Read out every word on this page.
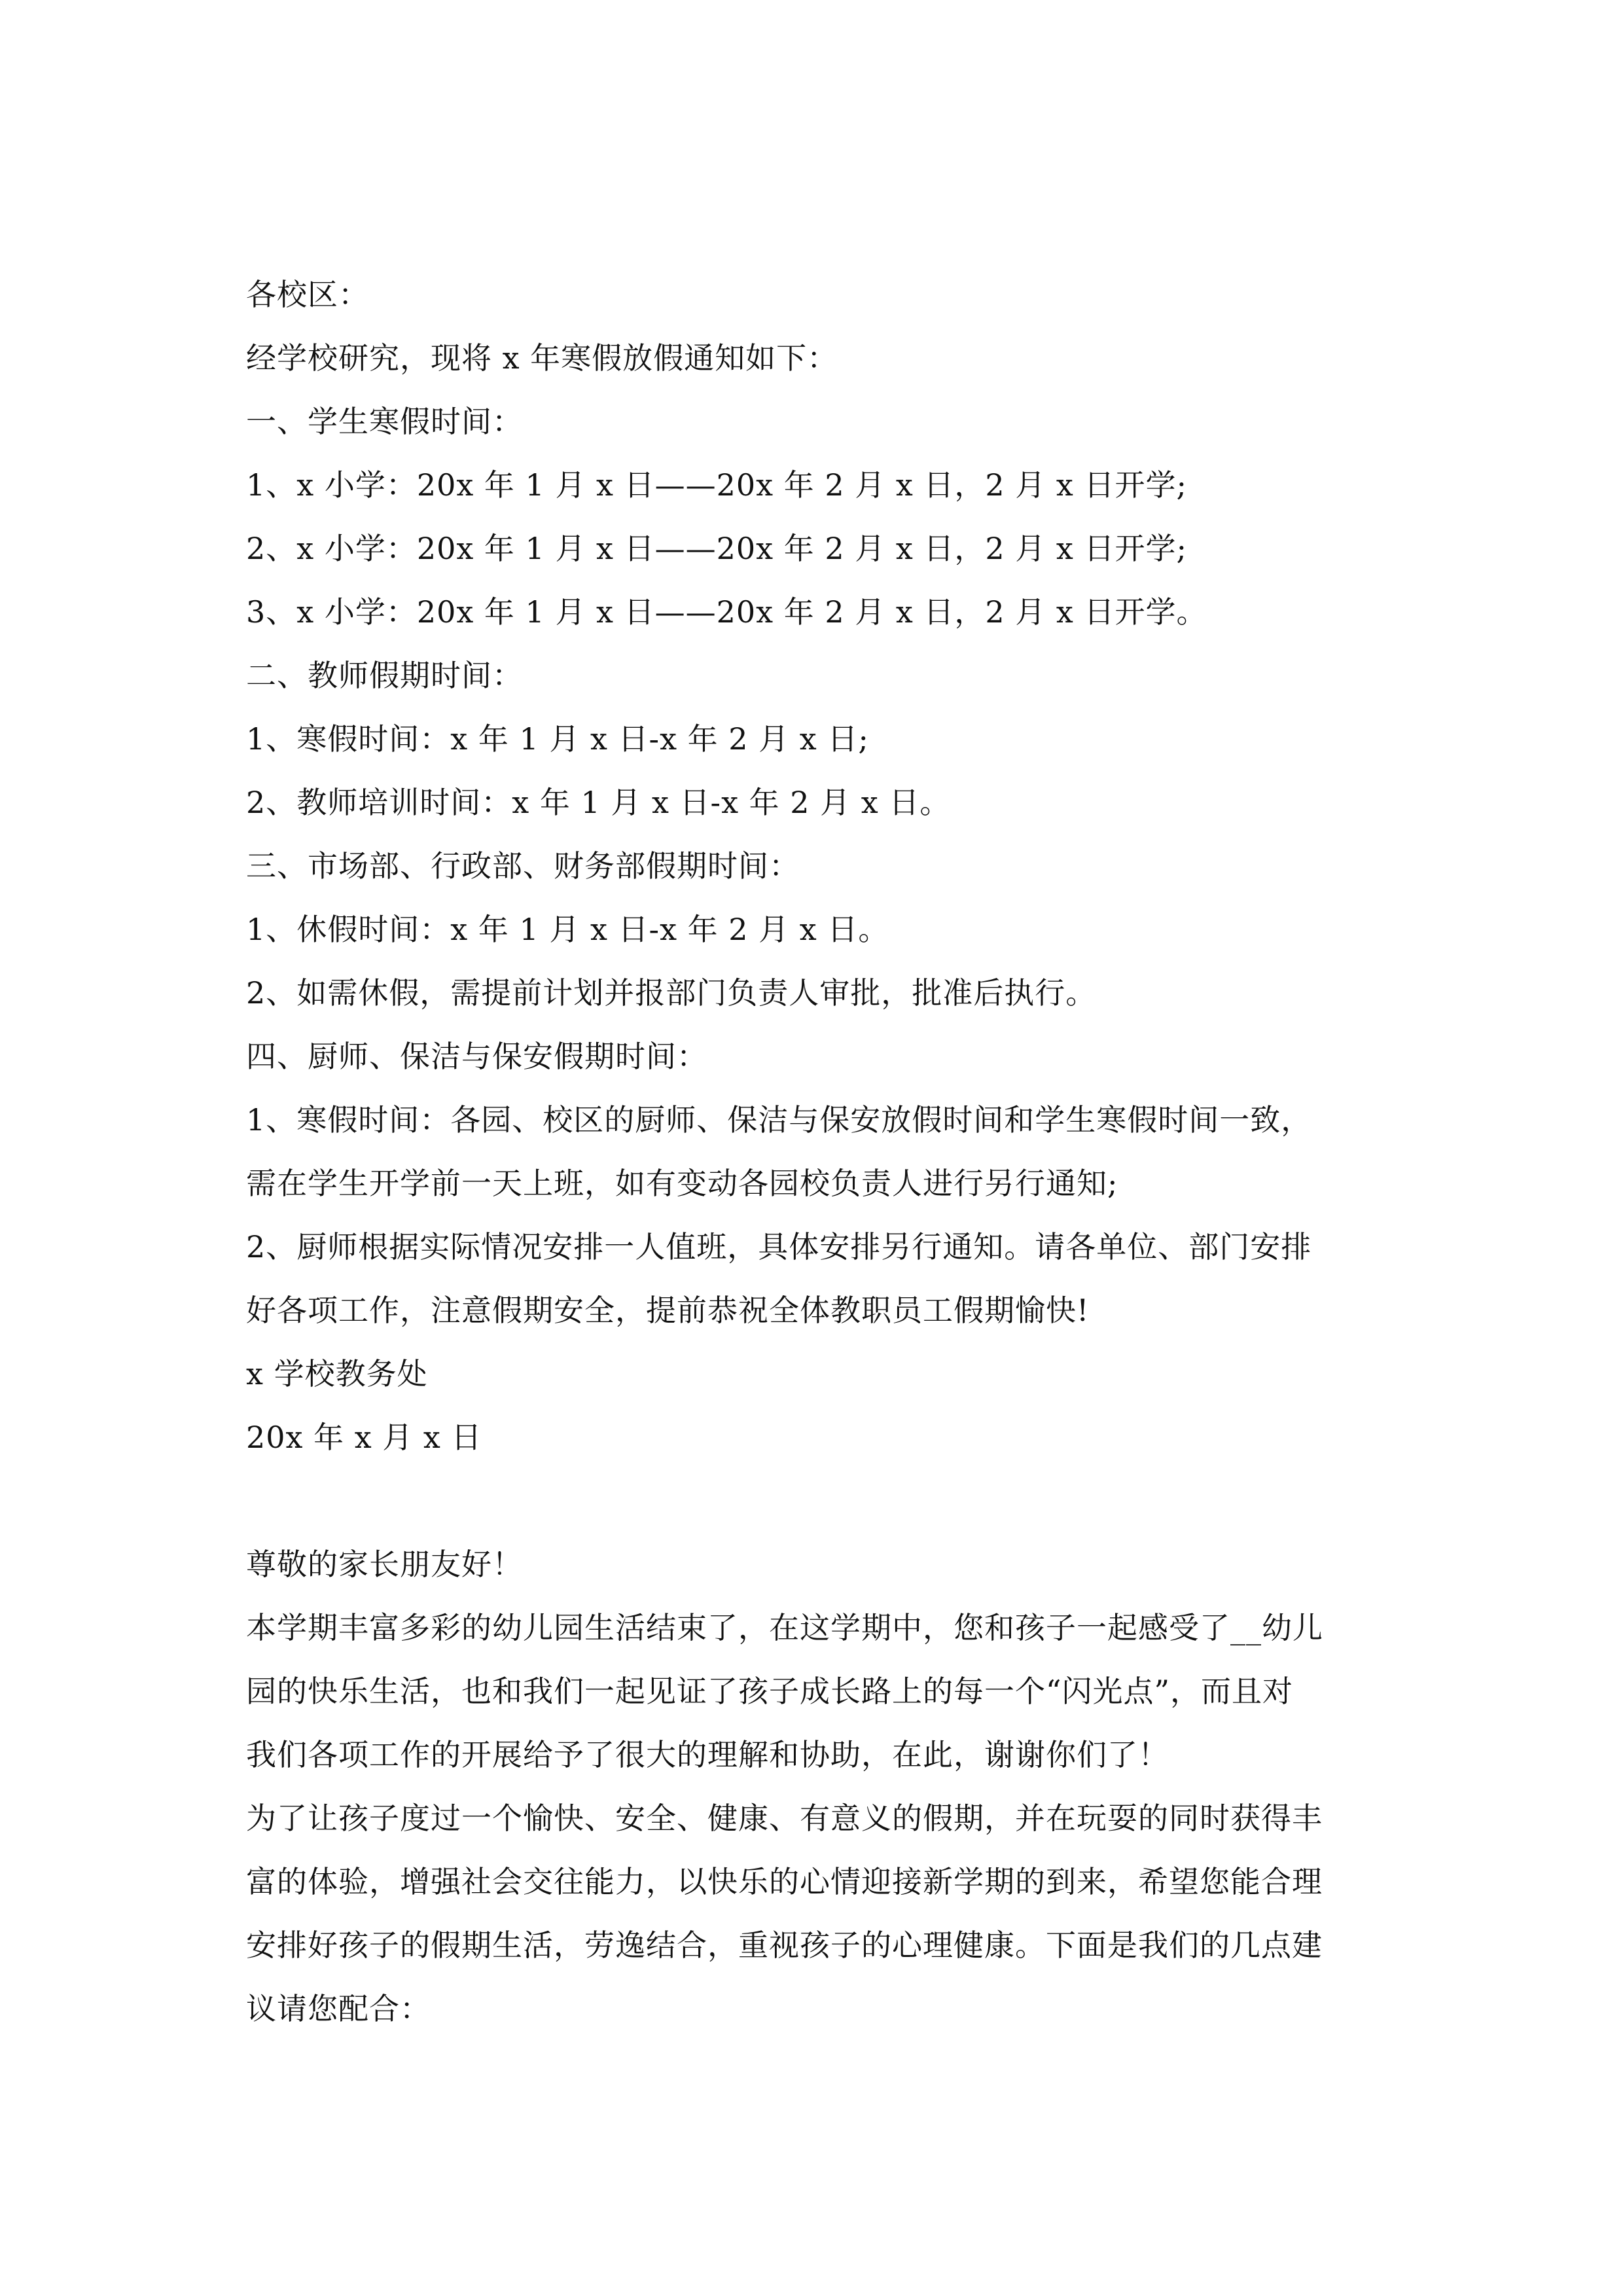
各校区：
经学校研究，现将 x 年寒假放假通知如下：
一、学生寒假时间：
1、x 小学：20x 年 1 月 x 日——20x 年 2 月 x 日，2 月 x 日开学;
2、x 小学：20x 年 1 月 x 日——20x 年 2 月 x 日，2 月 x 日开学;
3、x 小学：20x 年 1 月 x 日——20x 年 2 月 x 日，2 月 x 日开学。
二、教师假期时间：
1、寒假时间：x 年 1 月 x 日-x 年 2 月 x 日;
2、教师培训时间：x 年 1 月 x 日-x 年 2 月 x 日。
三、市场部、行政部、财务部假期时间：
1、休假时间：x 年 1 月 x 日-x 年 2 月 x 日。
2、如需休假，需提前计划并报部门负责人审批，批准后执行。
四、厨师、保洁与保安假期时间：
1、寒假时间：各园、校区的厨师、保洁与保安放假时间和学生寒假时间一致，
需在学生开学前一天上班，如有变动各园校负责人进行另行通知;
2、厨师根据实际情况安排一人值班，具体安排另行通知。请各单位、部门安排
好各项工作，注意假期安全，提前恭祝全体教职员工假期愉快!
x 学校教务处
20x 年 x 月 x 日
尊敬的家长朋友好！
本学期丰富多彩的幼儿园生活结束了，在这学期中，您和孩子一起感受了__幼儿
园的快乐生活，也和我们一起见证了孩子成长路上的每一个“闪光点”，而且对
我们各项工作的开展给予了很大的理解和协助，在此，谢谢你们了！
为了让孩子度过一个愉快、安全、健康、有意义的假期，并在玩耍的同时获得丰
富的体验，增强社会交往能力，以快乐的心情迎接新学期的到来，希望您能合理
安排好孩子的假期生活，劳逸结合，重视孩子的心理健康。下面是我们的几点建
议请您配合：
